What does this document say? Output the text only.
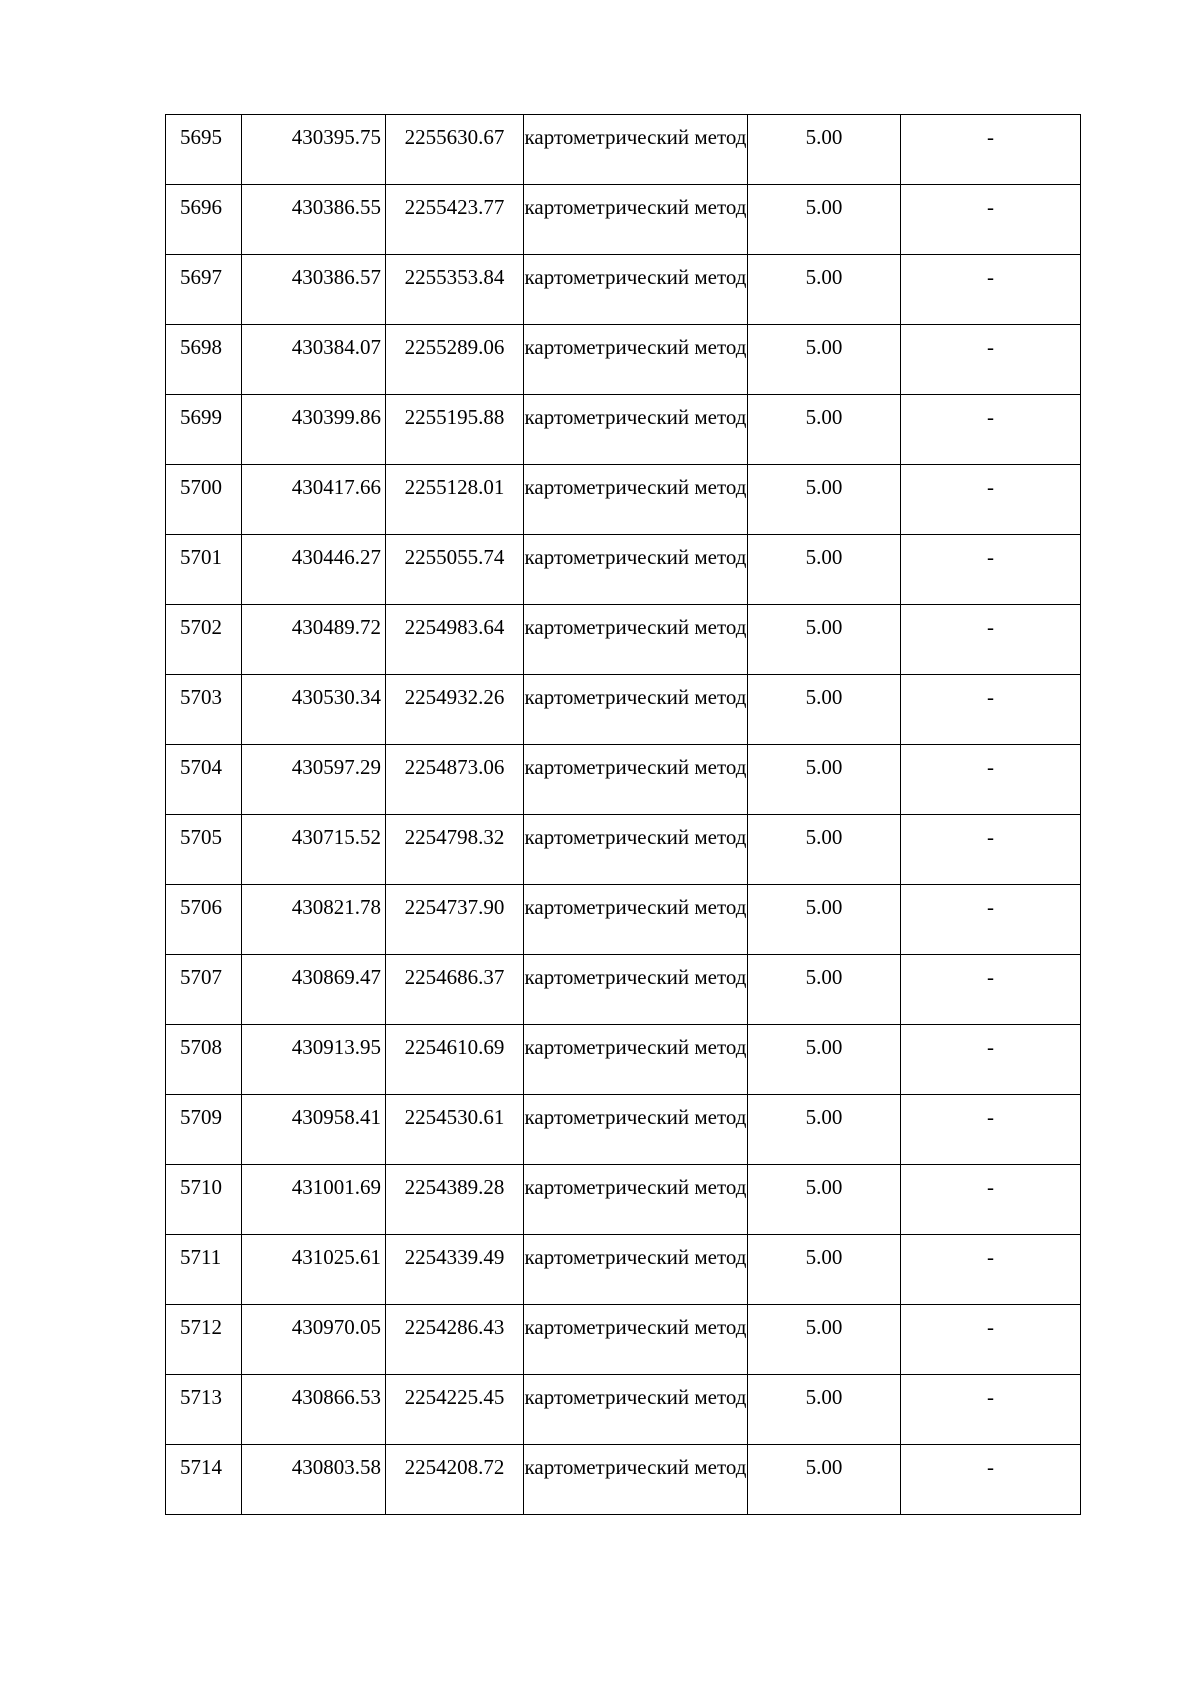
5695	430395.75	2255630.67	картометрический метод	5.00	-
5696	430386.55	2255423.77	картометрический метод	5.00	-
5697	430386.57	2255353.84	картометрический метод	5.00	-
5698	430384.07	2255289.06	картометрический метод	5.00	-
5699	430399.86	2255195.88	картометрический метод	5.00	-
5700	430417.66	2255128.01	картометрический метод	5.00	-
5701	430446.27	2255055.74	картометрический метод	5.00	-
5702	430489.72	2254983.64	картометрический метод	5.00	-
5703	430530.34	2254932.26	картометрический метод	5.00	-
5704	430597.29	2254873.06	картометрический метод	5.00	-
5705	430715.52	2254798.32	картометрический метод	5.00	-
5706	430821.78	2254737.90	картометрический метод	5.00	-
5707	430869.47	2254686.37	картометрический метод	5.00	-
5708	430913.95	2254610.69	картометрический метод	5.00	-
5709	430958.41	2254530.61	картометрический метод	5.00	-
5710	431001.69	2254389.28	картометрический метод	5.00	-
5711	431025.61	2254339.49	картометрический метод	5.00	-
5712	430970.05	2254286.43	картометрический метод	5.00	-
5713	430866.53	2254225.45	картометрический метод	5.00	-
5714	430803.58	2254208.72	картометрический метод	5.00	-
